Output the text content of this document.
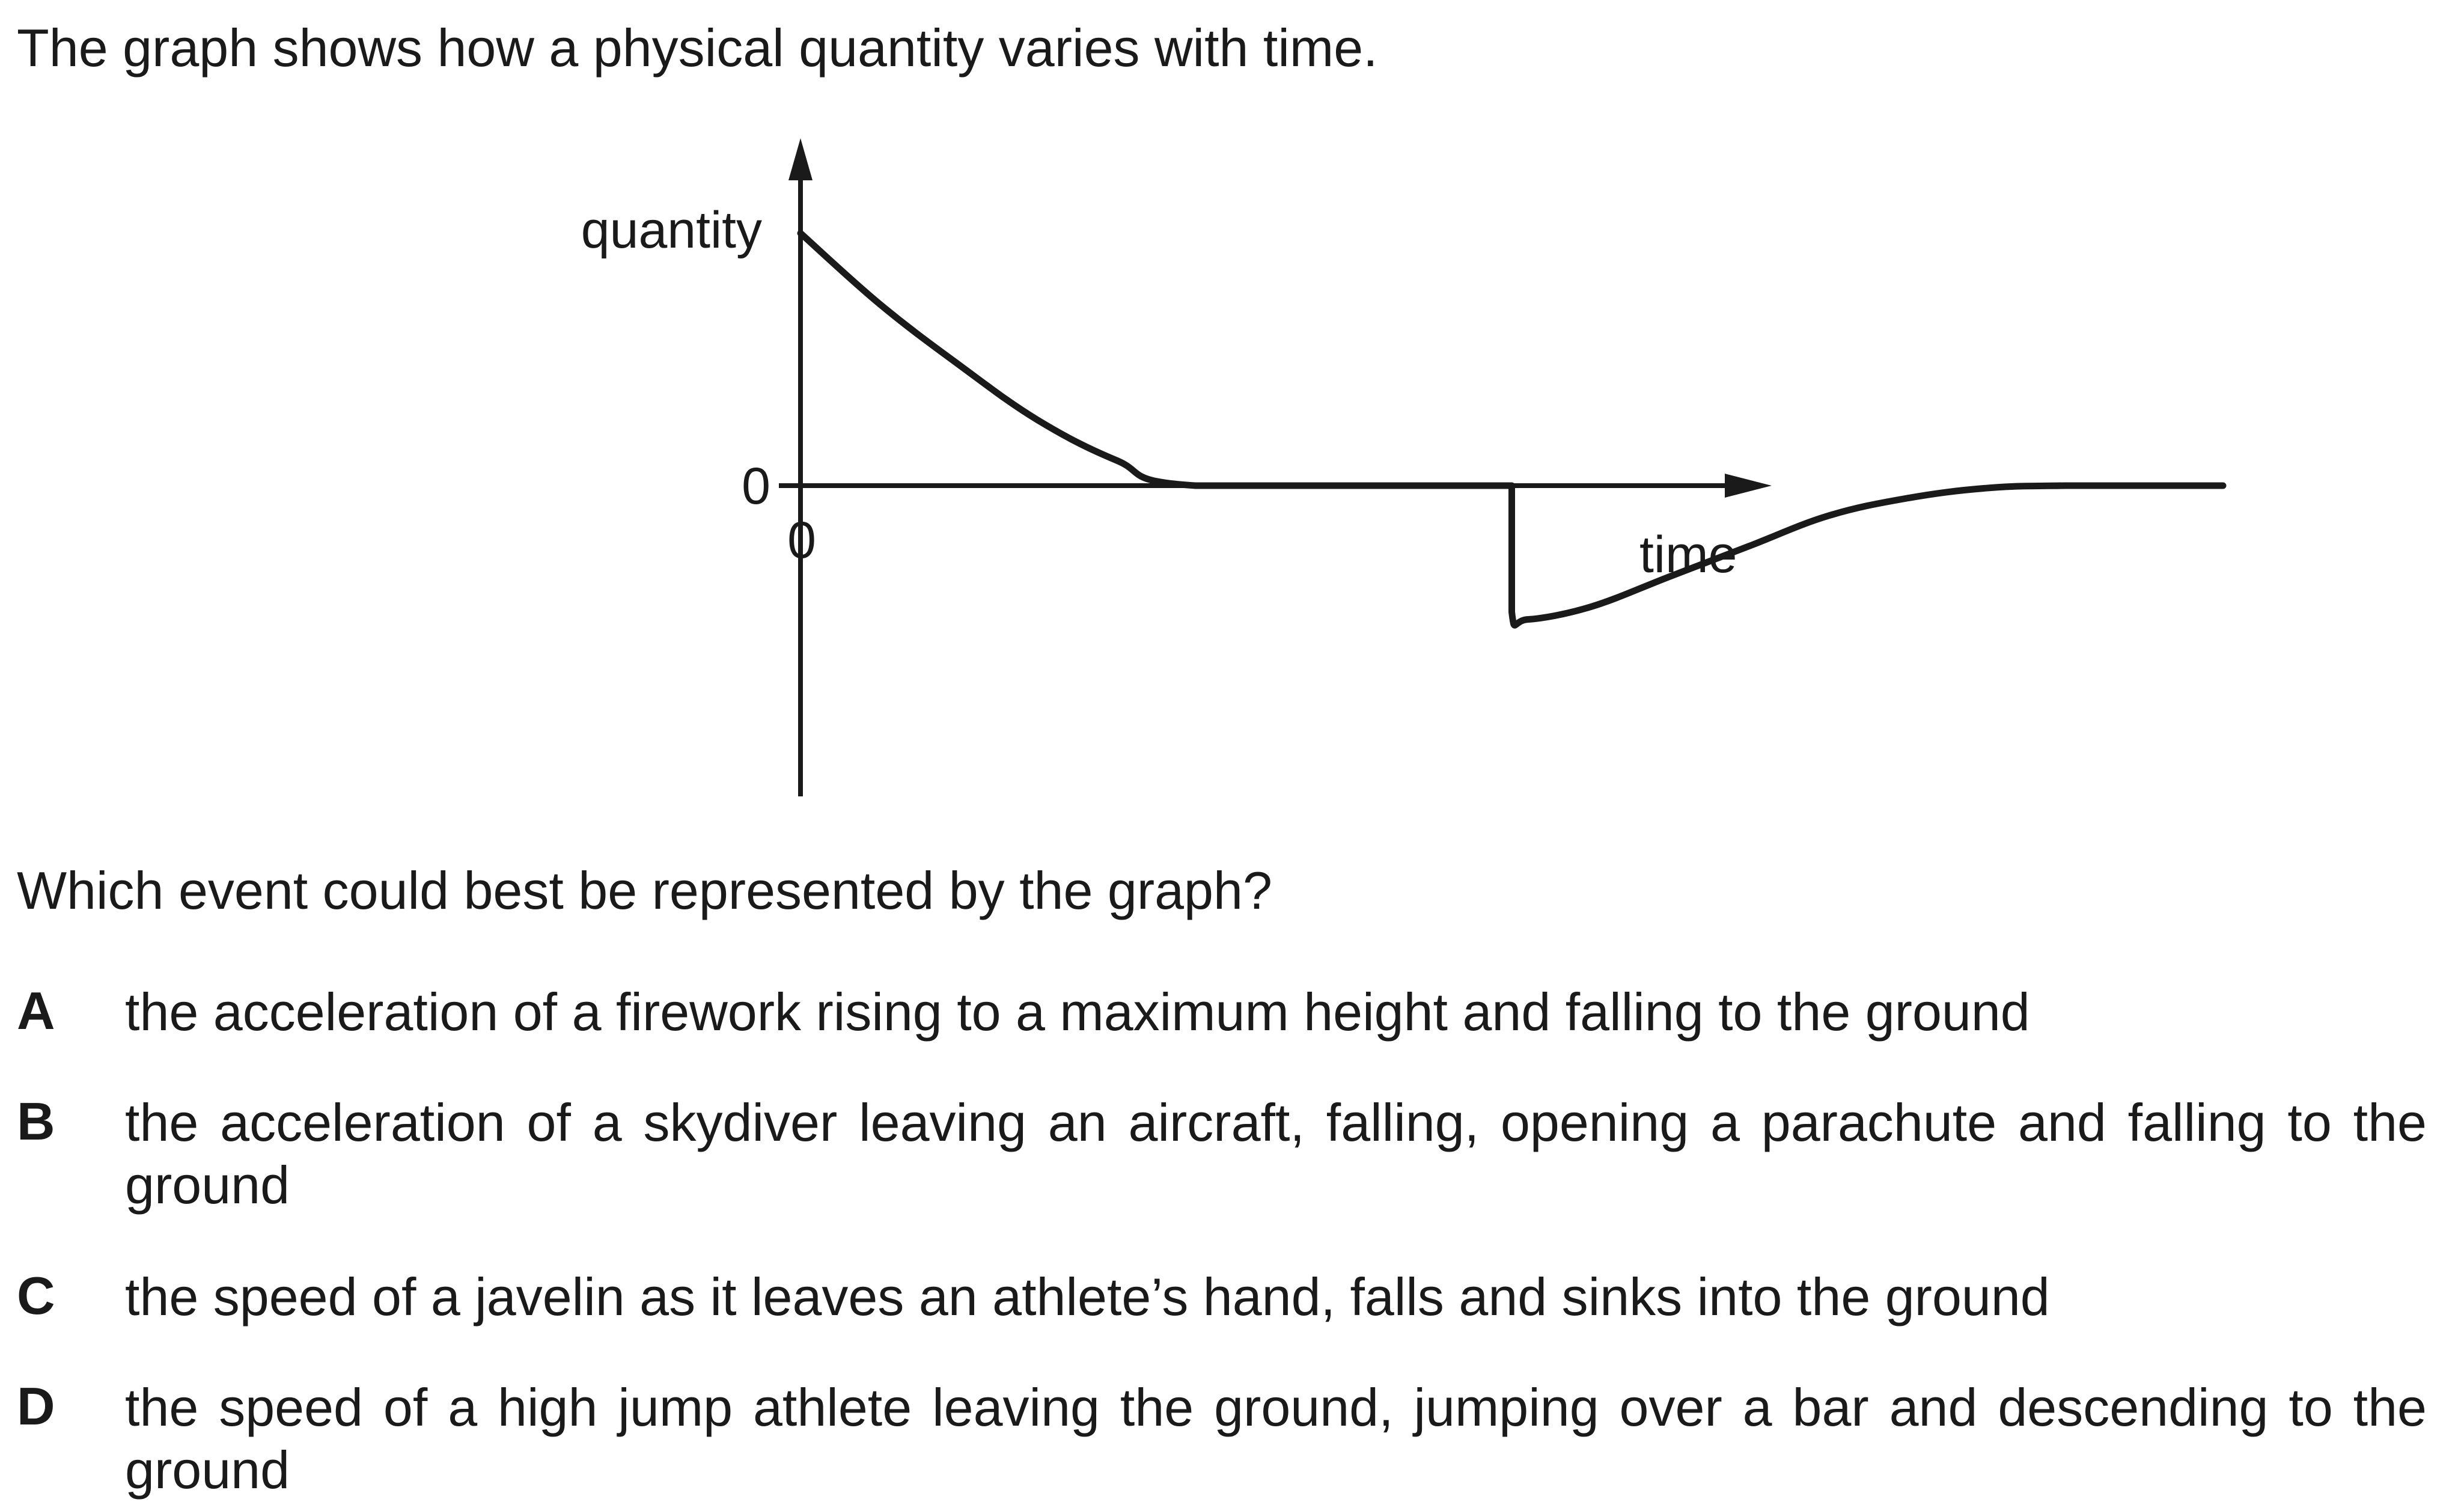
The graph shows how a physical quantity varies with time.
quantity
0
0	time
Which event could best be represented by the graph?
A the acceleration of a firework rising to a maximum height and falling to the ground
B the acceleration of a skydiver leaving an aircraft, falling, opening a parachute and falling to the ground
C the speed of a javelin as it leaves an athlete’s hand, falls and sinks into the ground
D the speed of a high jump athlete leaving the ground, jumping over a bar and descending to the ground
